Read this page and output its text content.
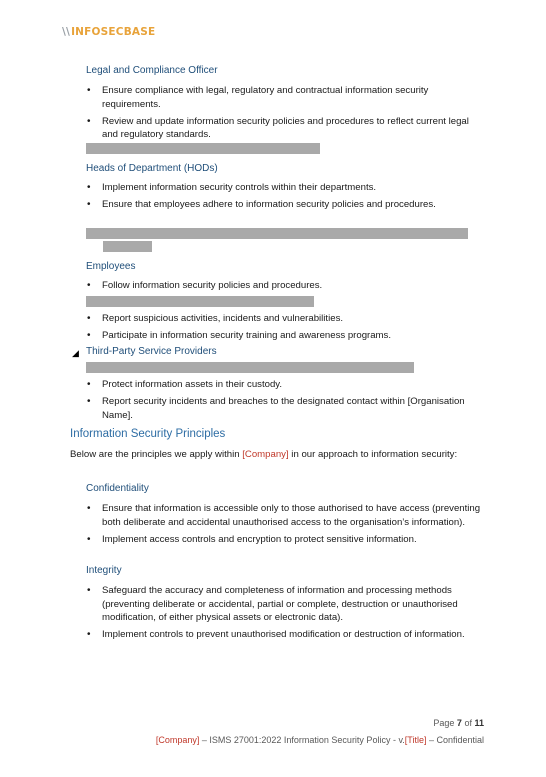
\\INFOSECBASE
Legal and Compliance Officer
• Ensure compliance with legal, regulatory and contractual information security requirements.
• Review and update information security policies and procedures to reflect current legal and regulatory standards.
Heads of Department (HODs)
• Implement information security controls within their departments.
• Ensure that employees adhere to information security policies and procedures.
Employees
• Follow information security policies and procedures.
• Report suspicious activities, incidents and vulnerabilities.
• Participate in information security training and awareness programs.
◢ Third-Party Service Providers
• Protect information assets in their custody.
• Report security incidents and breaches to the designated contact within [Organisation Name].
Information Security Principles
Below are the principles we apply within [Company] in our approach to information security:
Confidentiality
• Ensure that information is accessible only to those authorised to have access (preventing both deliberate and accidental unauthorised access to the organisation’s information).
• Implement access controls and encryption to protect sensitive information.
Integrity
• Safeguard the accuracy and completeness of information and processing methods (preventing deliberate or accidental, partial or complete, destruction or unauthorised modification, of either physical assets or electronic data).
• Implement controls to prevent unauthorised modification or destruction of information.
Page 7 of 11
[Company] – ISMS 27001:2022 Information Security Policy - v.[Title] – Confidential
